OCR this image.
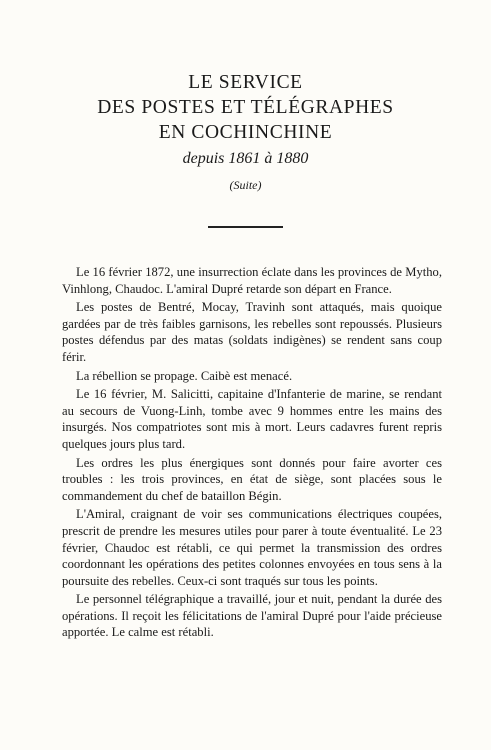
LE SERVICE
DES POSTES ET TÉLÉGRAPHES
EN COCHINCHINE
depuis 1861 à 1880
(Suite)

Le 16 février 1872, une insurrection éclate dans les provinces de Mytho, Vinhlong, Chaudoc. L'amiral Dupré retarde son départ en France.

Les postes de Bentré, Mocay, Travinh sont attaqués, mais quoique gardées par de très faibles garnisons, les rebelles sont repoussés. Plusieurs postes défendus par des matas (soldats indigènes) se rendent sans coup férir.

La rébellion se propage. Caibè est menacé.

Le 16 février, M. Salicitti, capitaine d'Infanterie de marine, se rendant au secours de Vuong-Linh, tombe avec 9 hommes entre les mains des insurgés. Nos compatriotes sont mis à mort. Leurs cadavres furent repris quelques jours plus tard.

Les ordres les plus énergiques sont donnés pour faire avorter ces troubles : les trois provinces, en état de siège, sont placées sous le commandement du chef de bataillon Bégin.

L'Amiral, craignant de voir ses communications électriques coupées, prescrit de prendre les mesures utiles pour parer à toute éventualité. Le 23 février, Chaudoc est rétabli, ce qui permet la transmission des ordres coordonnant les opérations des petites colonnes envoyées en tous sens à la poursuite des rebelles. Ceux-ci sont traqués sur tous les points.

Le personnel télégraphique a travaillé, jour et nuit, pendant la durée des opérations. Il reçoit les félicitations de l'amiral Dupré pour l'aide précieuse apportée. Le calme est rétabli.
